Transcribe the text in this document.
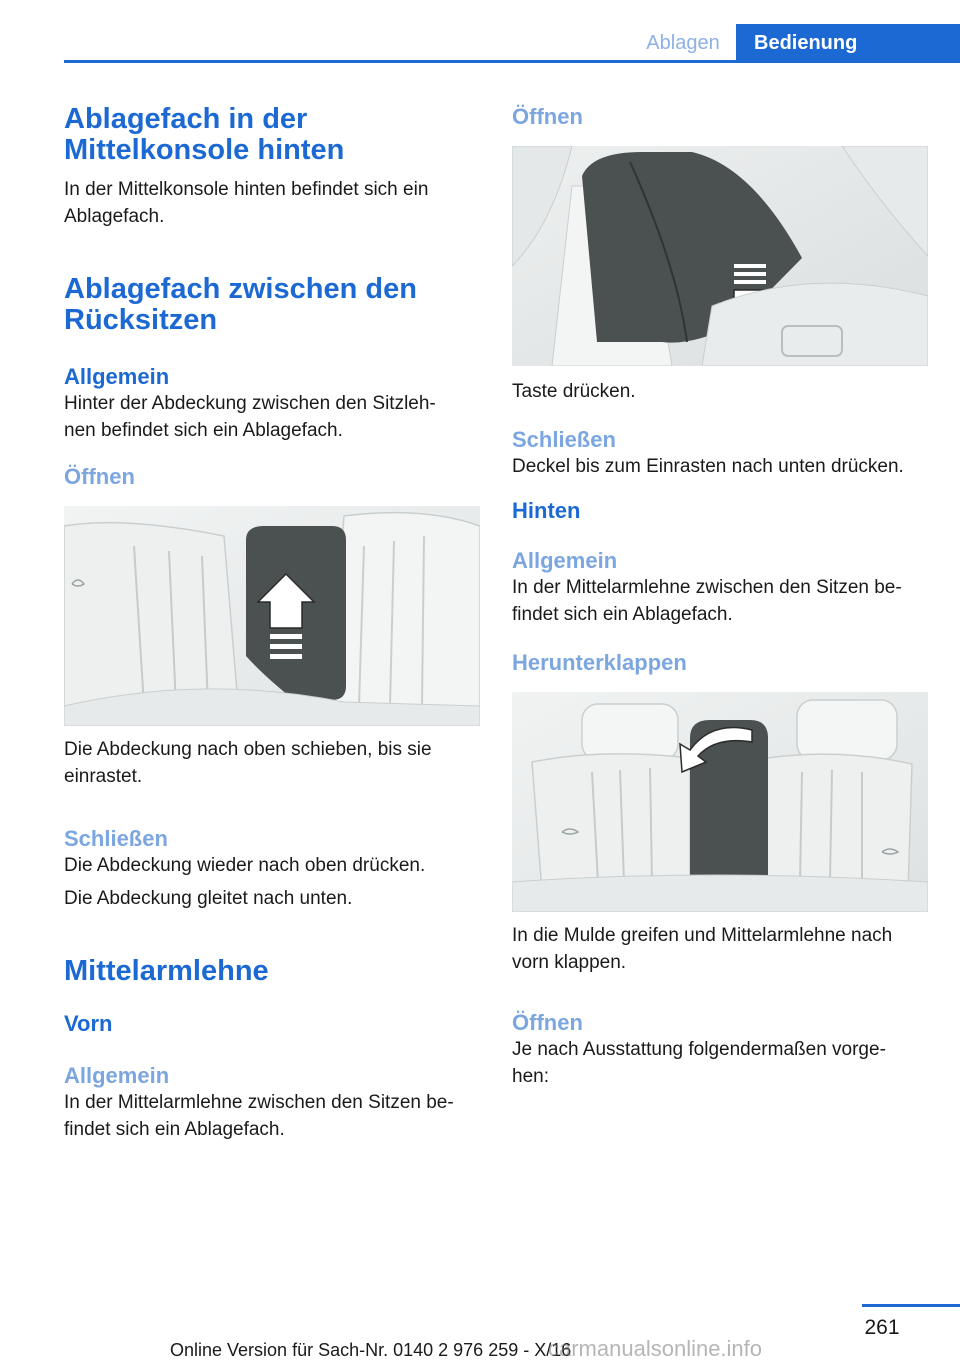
Ablagen	Bedienung
Ablagefach in der Mittelkonsole hinten

In der Mittelkonsole hinten befindet sich ein Ablagefach.

Ablagefach zwischen den Rücksitzen
Allgemein

Hinter der Abdeckung zwischen den Sitzleh-

nen befindet sich ein Ablagefach.

Öffnen

Die Abdeckung nach oben schieben, bis sie

einrastet.

Schließen

Die Abdeckung wieder nach oben drücken.

Die Abdeckung gleitet nach unten.

Mittelarmlehne
Vorn
Allgemein

In der Mittelarmlehne zwischen den Sitzen be-

findet sich ein Ablagefach.

Öffnen

Taste drücken.

Schließen

Deckel bis zum Einrasten nach unten drücken.

Hinten
Allgemein

In der Mittelarmlehne zwischen den Sitzen be-

findet sich ein Ablagefach.

Herunterklappen

In die Mulde greifen und Mittelarmlehne nach

vorn klappen.

Öffnen

Je nach Ausstattung folgendermaßen vorge-

hen:

261
Online Version für Sach-Nr. 0140 2 976 259 - X/16
carmanualsonline.info
